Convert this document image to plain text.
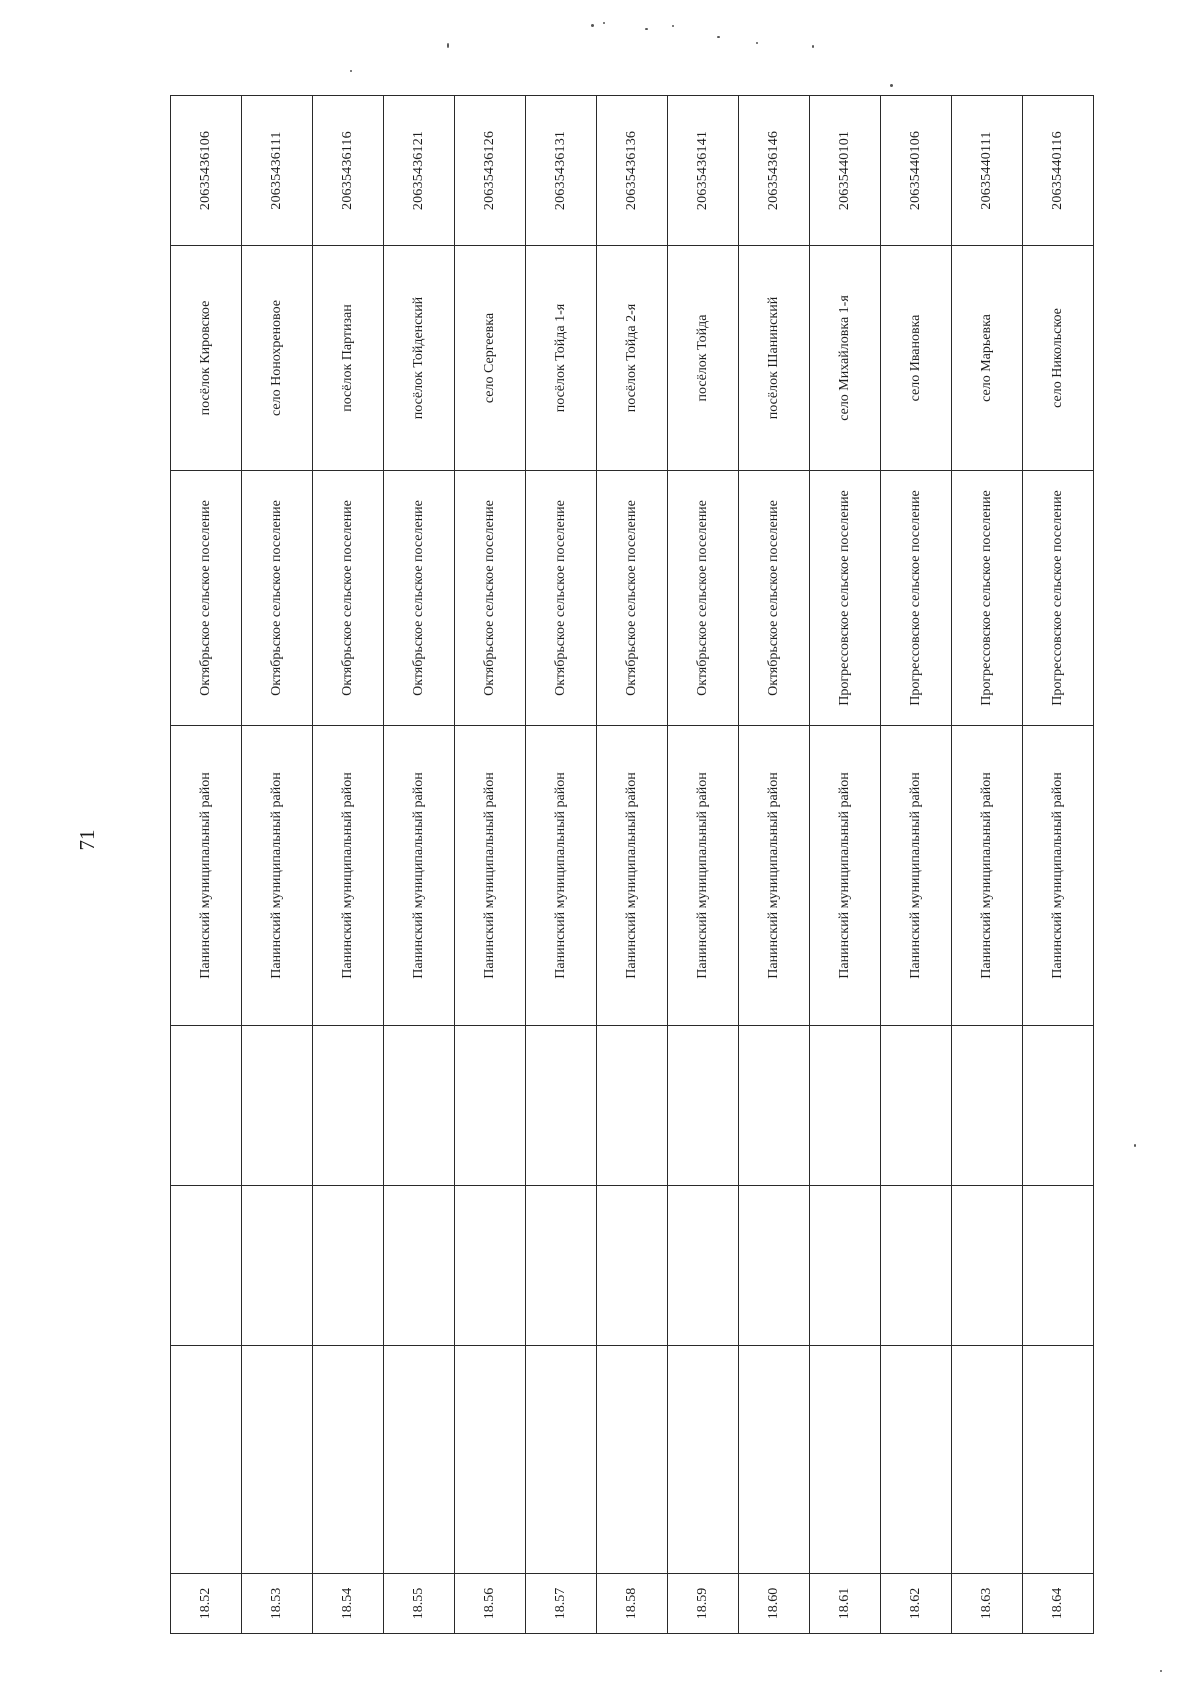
71
18.52				Панинский муниципальный район	Октябрьское сельское поселение	посёлок Кировское	20635436106
18.53				Панинский муниципальный район	Октябрьское сельское поселение	село Нонохреновое	20635436111
18.54				Панинский муниципальный район	Октябрьское сельское поселение	посёлок Партизан	20635436116
18.55				Панинский муниципальный район	Октябрьское сельское поселение	посёлок Тойденский	20635436121
18.56				Панинский муниципальный район	Октябрьское сельское поселение	село Сергеевка	20635436126
18.57				Панинский муниципальный район	Октябрьское сельское поселение	посёлок Тойда 1-я	20635436131
18.58				Панинский муниципальный район	Октябрьское сельское поселение	посёлок Тойда 2-я	20635436136
18.59				Панинский муниципальный район	Октябрьское сельское поселение	посёлок Тойда	20635436141
18.60				Панинский муниципальный район	Октябрьское сельское поселение	посёлок Шанинский	20635436146
18.61				Панинский муниципальный район	Прогрессовское сельское поселение	село Михайловка 1-я	20635440101
18.62				Панинский муниципальный район	Прогрессовское сельское поселение	село Ивановка	20635440106
18.63				Панинский муниципальный район	Прогрессовское сельское поселение	село Марьевка	20635440111
18.64				Панинский муниципальный район	Прогрессовское сельское поселение	село Никольское	20635440116
